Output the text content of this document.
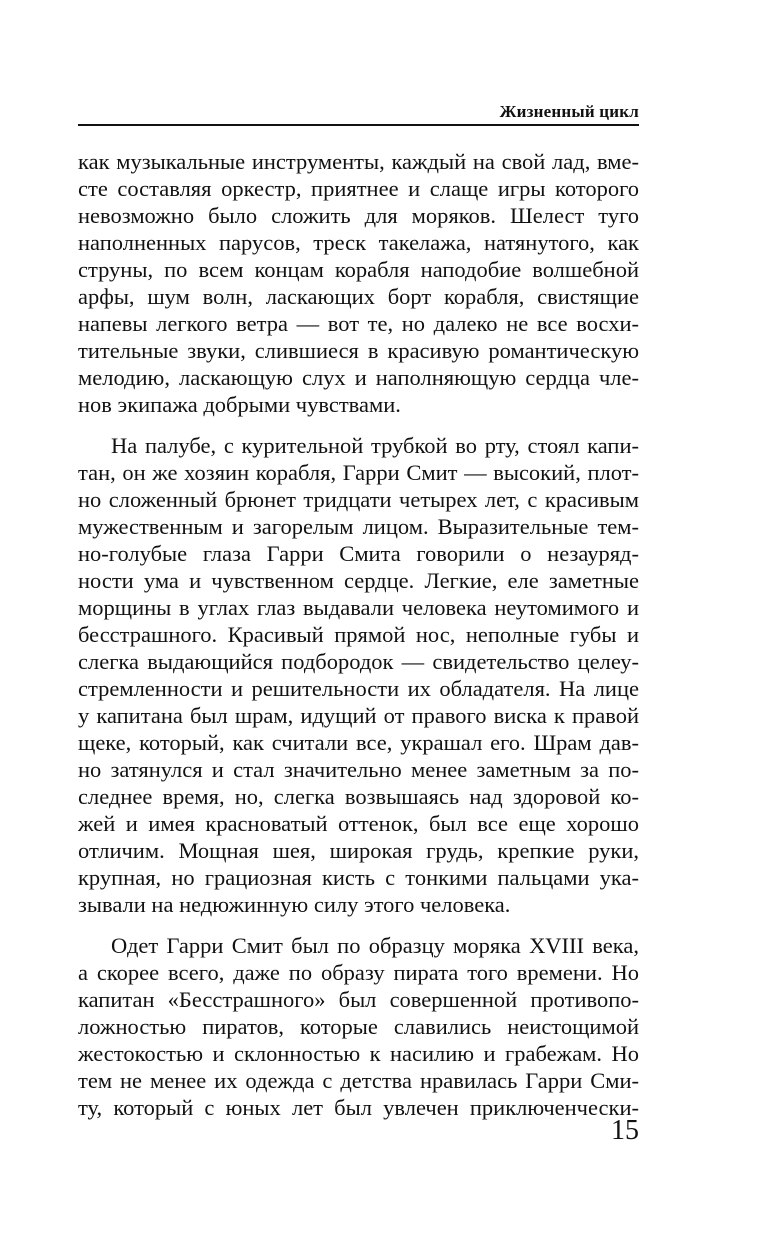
Жизненный цикл
как музыкальные инструменты, каждый на свой лад, вме-
сте составляя оркестр, приятнее и слаще игры которого
невозможно было сложить для моряков. Шелест туго
наполненных парусов, треск такелажа, натянутого, как
струны, по всем концам корабля наподобие волшебной
арфы, шум волн, ласкающих борт корабля, свистящие
напевы легкого ветра — вот те, но далеко не все восхи-
тительные звуки, слившиеся в красивую романтическую
мелодию, ласкающую слух и наполняющую сердца чле-
нов экипажа добрыми чувствами.
На палубе, с курительной трубкой во рту, стоял капи-
тан, он же хозяин корабля, Гарри Смит — высокий, плот-
но сложенный брюнет тридцати четырех лет, с красивым
мужественным и загорелым лицом. Выразительные тем-
но-голубые глаза Гарри Смита говорили о незауряд-
ности ума и чувственном сердце. Легкие, еле заметные
морщины в углах глаз выдавали человека неутомимого и
бесстрашного. Красивый прямой нос, неполные губы и
слегка выдающийся подбородок — свидетельство целеу-
стремленности и решительности их обладателя. На лице
у капитана был шрам, идущий от правого виска к правой
щеке, который, как считали все, украшал его. Шрам дав-
но затянулся и стал значительно менее заметным за по-
следнее время, но, слегка возвышаясь над здоровой ко-
жей и имея красноватый оттенок, был все еще хорошо
отличим. Мощная шея, широкая грудь, крепкие руки,
крупная, но грациозная кисть с тонкими пальцами ука-
зывали на недюжинную силу этого человека.
Одет Гарри Смит был по образцу моряка XVIII века,
а скорее всего, даже по образу пирата того времени. Но
капитан «Бесстрашного» был совершенной противопо-
ложностью пиратов, которые славились неистощимой
жестокостью и склонностью к насилию и грабежам. Но
тем не менее их одежда с детства нравилась Гарри Сми-
ту, который с юных лет был увлечен приключенчески-
15
